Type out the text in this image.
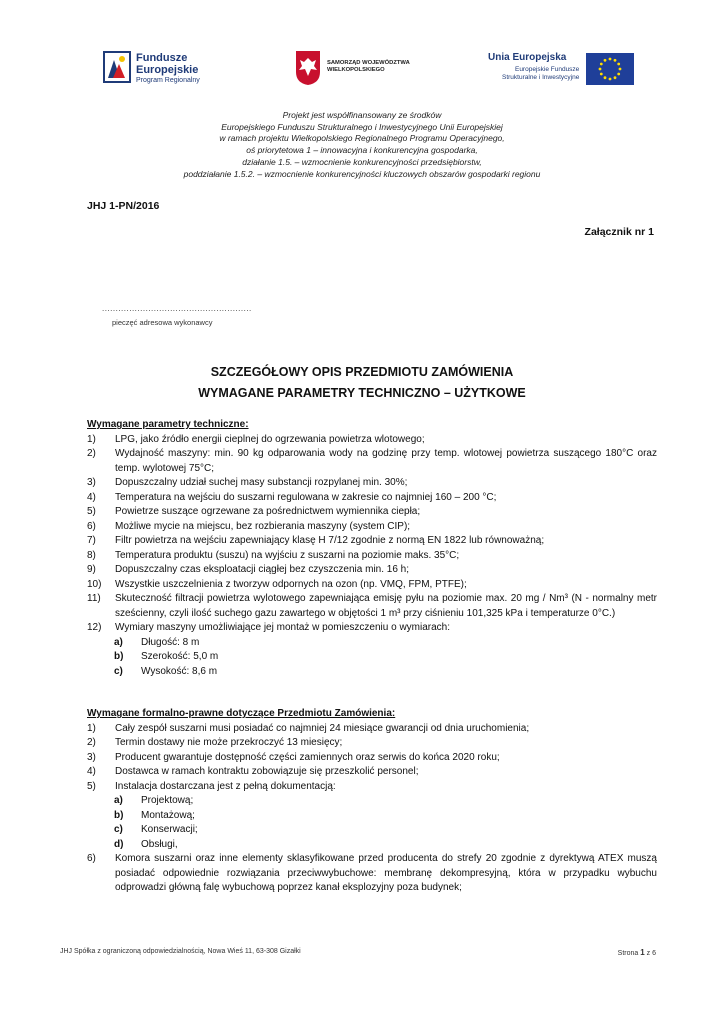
Fundusze
Europejskie
Program Regionalny
SAMORZĄD WOJEWÓDZTWA
WIELKOPOLSKIEGO
Unia Europejska
Europejskie Fundusze
Strukturalne i Inwestycyjne
Projekt jest współfinansowany ze środków
Europejskiego Funduszu Strukturalnego i Inwestycyjnego Unii Europejskiej
w ramach projektu Wielkopolskiego Regionalnego Programu Operacyjnego,
oś priorytetowa 1 – innowacyjna i konkurencyjna gospodarka,
działanie 1.5. – wzmocnienie konkurencyjności przedsiębiorstw,
poddziałanie 1.5.2. – wzmocnienie konkurencyjności kluczowych obszarów gospodarki regionu
JHJ 1-PN/2016
Załącznik nr 1
.......................................................
pieczęć adresowa wykonawcy
SZCZEGÓŁOWY OPIS PRZEDMIOTU ZAMÓWIENIA
WYMAGANE PARAMETRY TECHNICZNO – UŻYTKOWE
Wymagane parametry techniczne:
1)	LPG, jako źródło energii cieplnej do ogrzewania powietrza wlotowego;
2)	Wydajność maszyny: min. 90 kg odparowania wody na godzinę przy temp. wlotowej powietrza suszącego 180°C oraz temp. wylotowej 75°C;
3)	Dopuszczalny udział suchej masy substancji rozpylanej min. 30%;
4)	Temperatura na wejściu do suszarni regulowana w zakresie co najmniej 160 – 200 °C;
5)	Powietrze suszące ogrzewane za pośrednictwem wymiennika ciepła;
6)	Możliwe mycie na miejscu, bez rozbierania maszyny (system CIP);
7)	Filtr powietrza na wejściu zapewniający klasę H 7/12 zgodnie z normą EN 1822 lub równoważną;
8)	Temperatura produktu (suszu) na wyjściu z suszarni na poziomie maks. 35°C;
9)	Dopuszczalny czas eksploatacji ciągłej bez czyszczenia min. 16 h;
10)	Wszystkie uszczelnienia z tworzyw odpornych na ozon (np. VMQ, FPM, PTFE);
11)	Skuteczność filtracji powietrza wylotowego zapewniająca emisję pyłu na poziomie max. 20 mg / Nm³ (N - normalny metr sześcienny, czyli ilość suchego gazu zawartego w objętości 1 m³ przy ciśnieniu 101,325 kPa i temperaturze 0°C.)
12)	Wymiary maszyny umożliwiające jej montaż w pomieszczeniu o wymiarach:
a)	Długość: 8 m
b)	Szerokość: 5,0 m
c)	Wysokość: 8,6 m
Wymagane formalno-prawne dotyczące Przedmiotu Zamówienia:
1)	Cały zespół suszarni musi posiadać co najmniej 24 miesiące gwarancji od dnia uruchomienia;
2)	Termin dostawy nie może przekroczyć 13 miesięcy;
3)	Producent gwarantuje dostępność części zamiennych oraz serwis do końca 2020 roku;
4)	Dostawca w ramach kontraktu zobowiązuje się przeszkolić personel;
5)	Instalacja dostarczana jest z pełną dokumentacją:
a)	Projektową;
b)	Montażową;
c)	Konserwacji;
d)	Obsługi,
6)	Komora suszarni oraz inne elementy sklasyfikowane przed producenta do strefy 20 zgodnie z dyrektywą ATEX muszą posiadać odpowiednie rozwiązania przeciwwybuchowe: membranę dekompresyjną, która w przypadku wybuchu odprowadzi główną falę wybuchową poprzez kanał eksplozyjny poza budynek;
JHJ Spółka z ograniczoną odpowiedzialnością, Nowa Wieś 11, 63-308 Gizałki	Strona 1 z 6
